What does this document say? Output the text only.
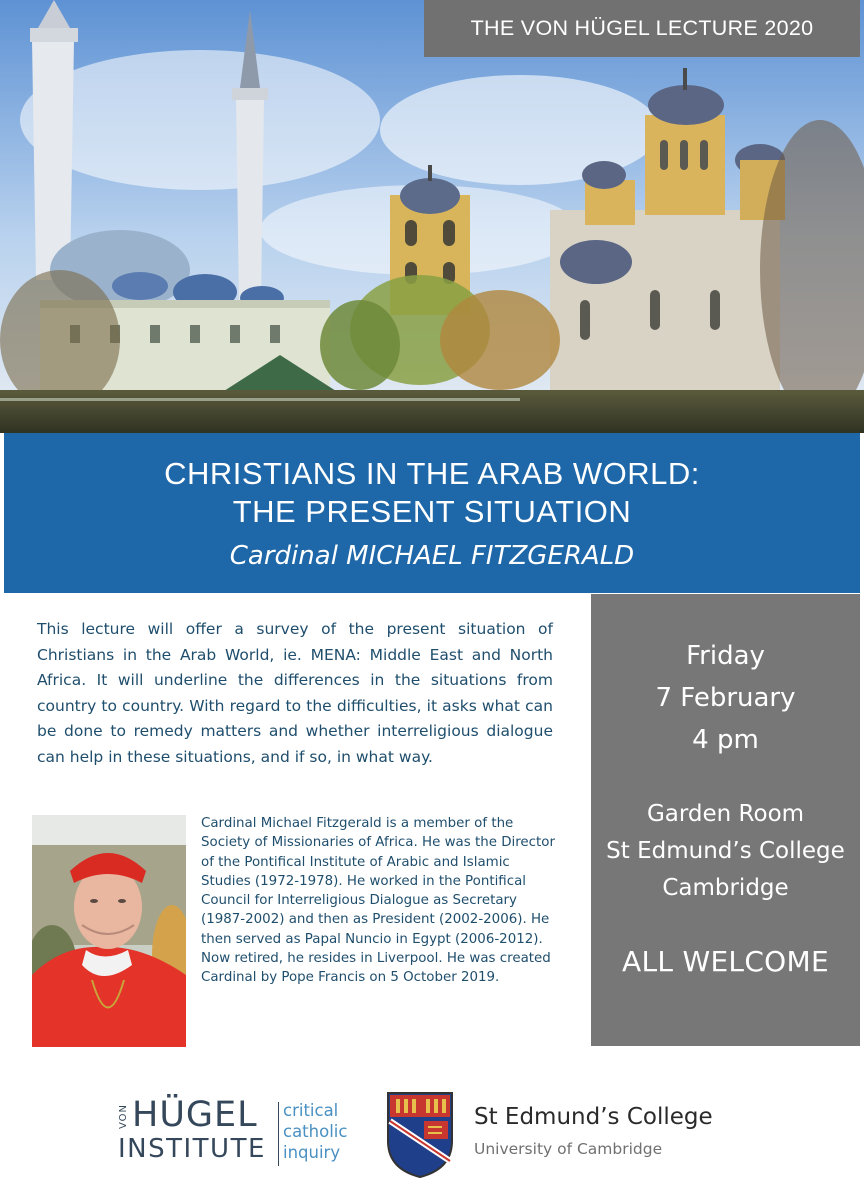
THE VON HÜGEL LECTURE 2020
CHRISTIANS IN THE ARAB WORLD:
THE PRESENT SITUATION
Cardinal MICHAEL FITZGERALD

This lecture will offer a survey of the present situation of Christians in the Arab World, ie. MENA: Middle East and North Africa. It will underline the differences in the situations from country to country. With regard to the difficulties, it asks what can be done to remedy matters and whether interreligious dialogue can help in these situations, and if so, in what way.

Cardinal Michael Fitzgerald is a member of the Society of Missionaries of Africa. He was the Director of the Pontifical Institute of Arabic and Islamic Studies (1972-1978). He worked in the Pontifical Council for Interreligious Dialogue as Secretary (1987-2002) and then as President (2002-2006). He then served as Papal Nuncio in Egypt (2006-2012). Now retired, he resides in Liverpool. He was created Cardinal by Pope Francis on 5 October 2019.

Friday
7 February
4 pm
Garden Room
St Edmund’s College
Cambridge
ALL WELCOME
VON HÜGEL
INSTITUTE
critical
catholic
inquiry
St Edmund’s College
University of Cambridge
